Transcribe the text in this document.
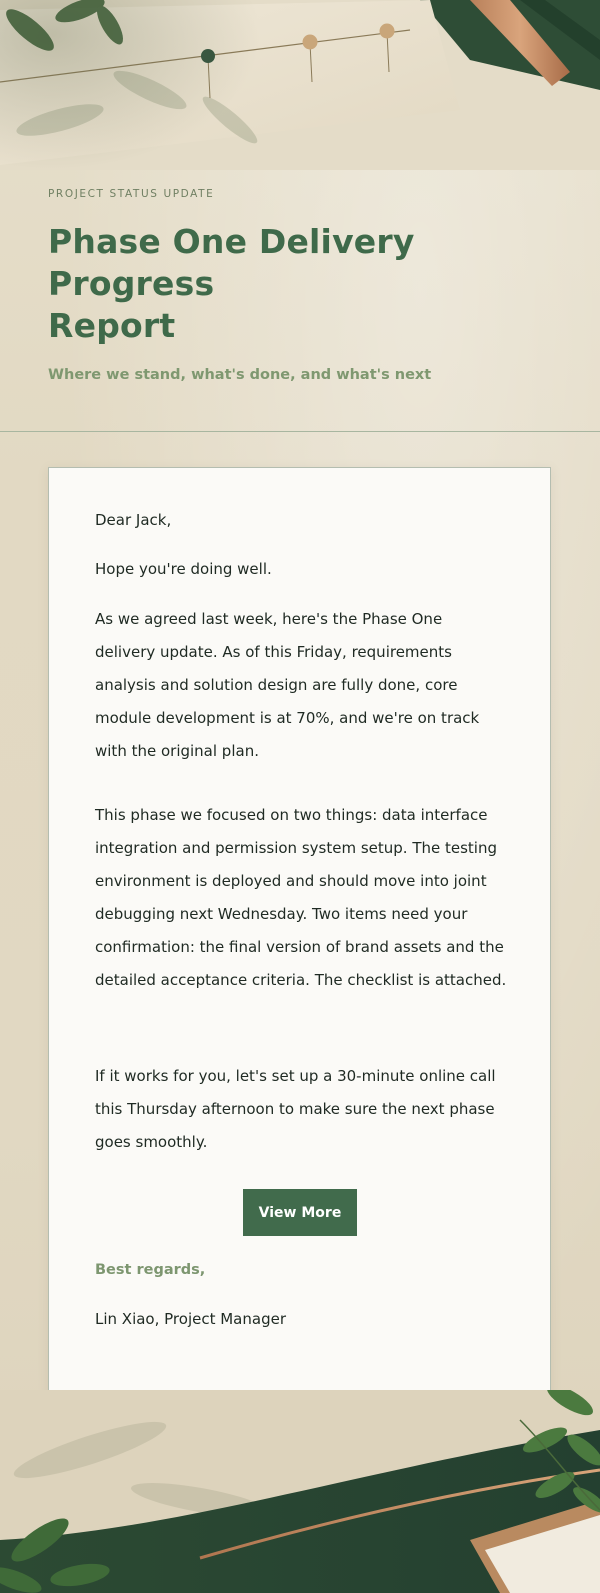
PROJECT STATUS UPDATE

Phase One Delivery Progress
Report

Where we stand, what's done, and what's next

Dear Jack,

Hope you're doing well.

As we agreed last week, here's the Phase One delivery update. As of this Friday, requirements analysis and solution design are fully done, core module development is at 70%, and we're on track with the original plan.

This phase we focused on two things: data interface integration and permission system setup. The testing environment is deployed and should move into joint debugging next Wednesday. Two items need your confirmation: the final version of brand assets and the detailed acceptance criteria. The checklist is attached.

If it works for you, let's set up a 30-minute online call this Thursday afternoon to make sure the next phase goes smoothly.

View More

Best regards,

Lin Xiao, Project Manager
